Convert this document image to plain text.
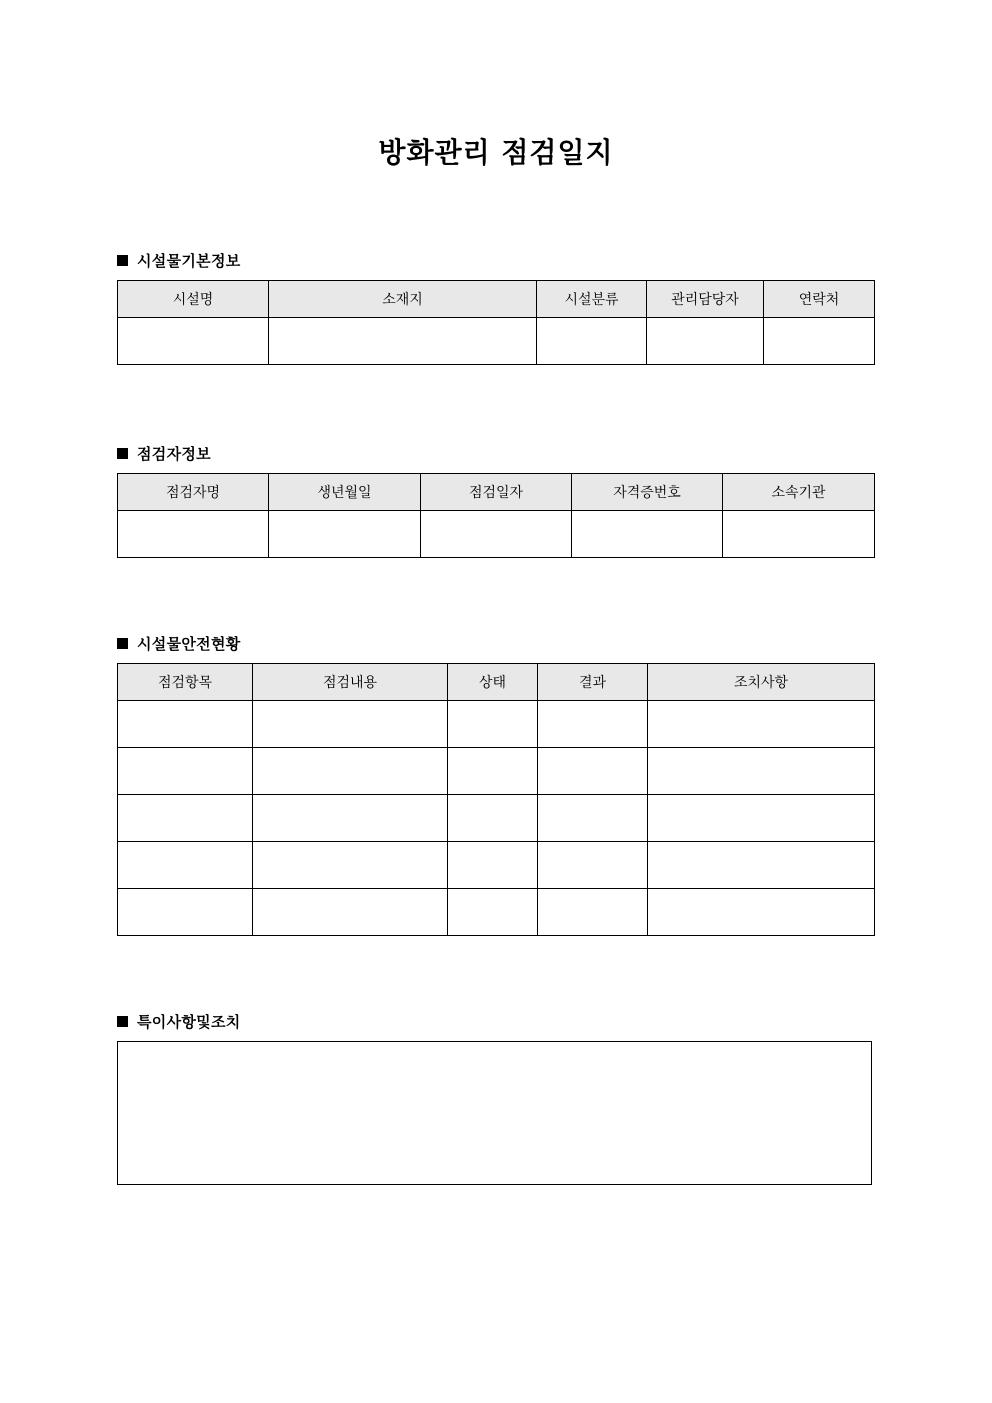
방화관리 점검일지
시설물기본정보
시설명	소재지	시설분류	관리담당자	연락처

점검자정보
점검자명	생년월일	점검일자	자격증번호	소속기관

시설물안전현황
점검항목	점검내용	상태	결과	조치사항

특이사항및조치
